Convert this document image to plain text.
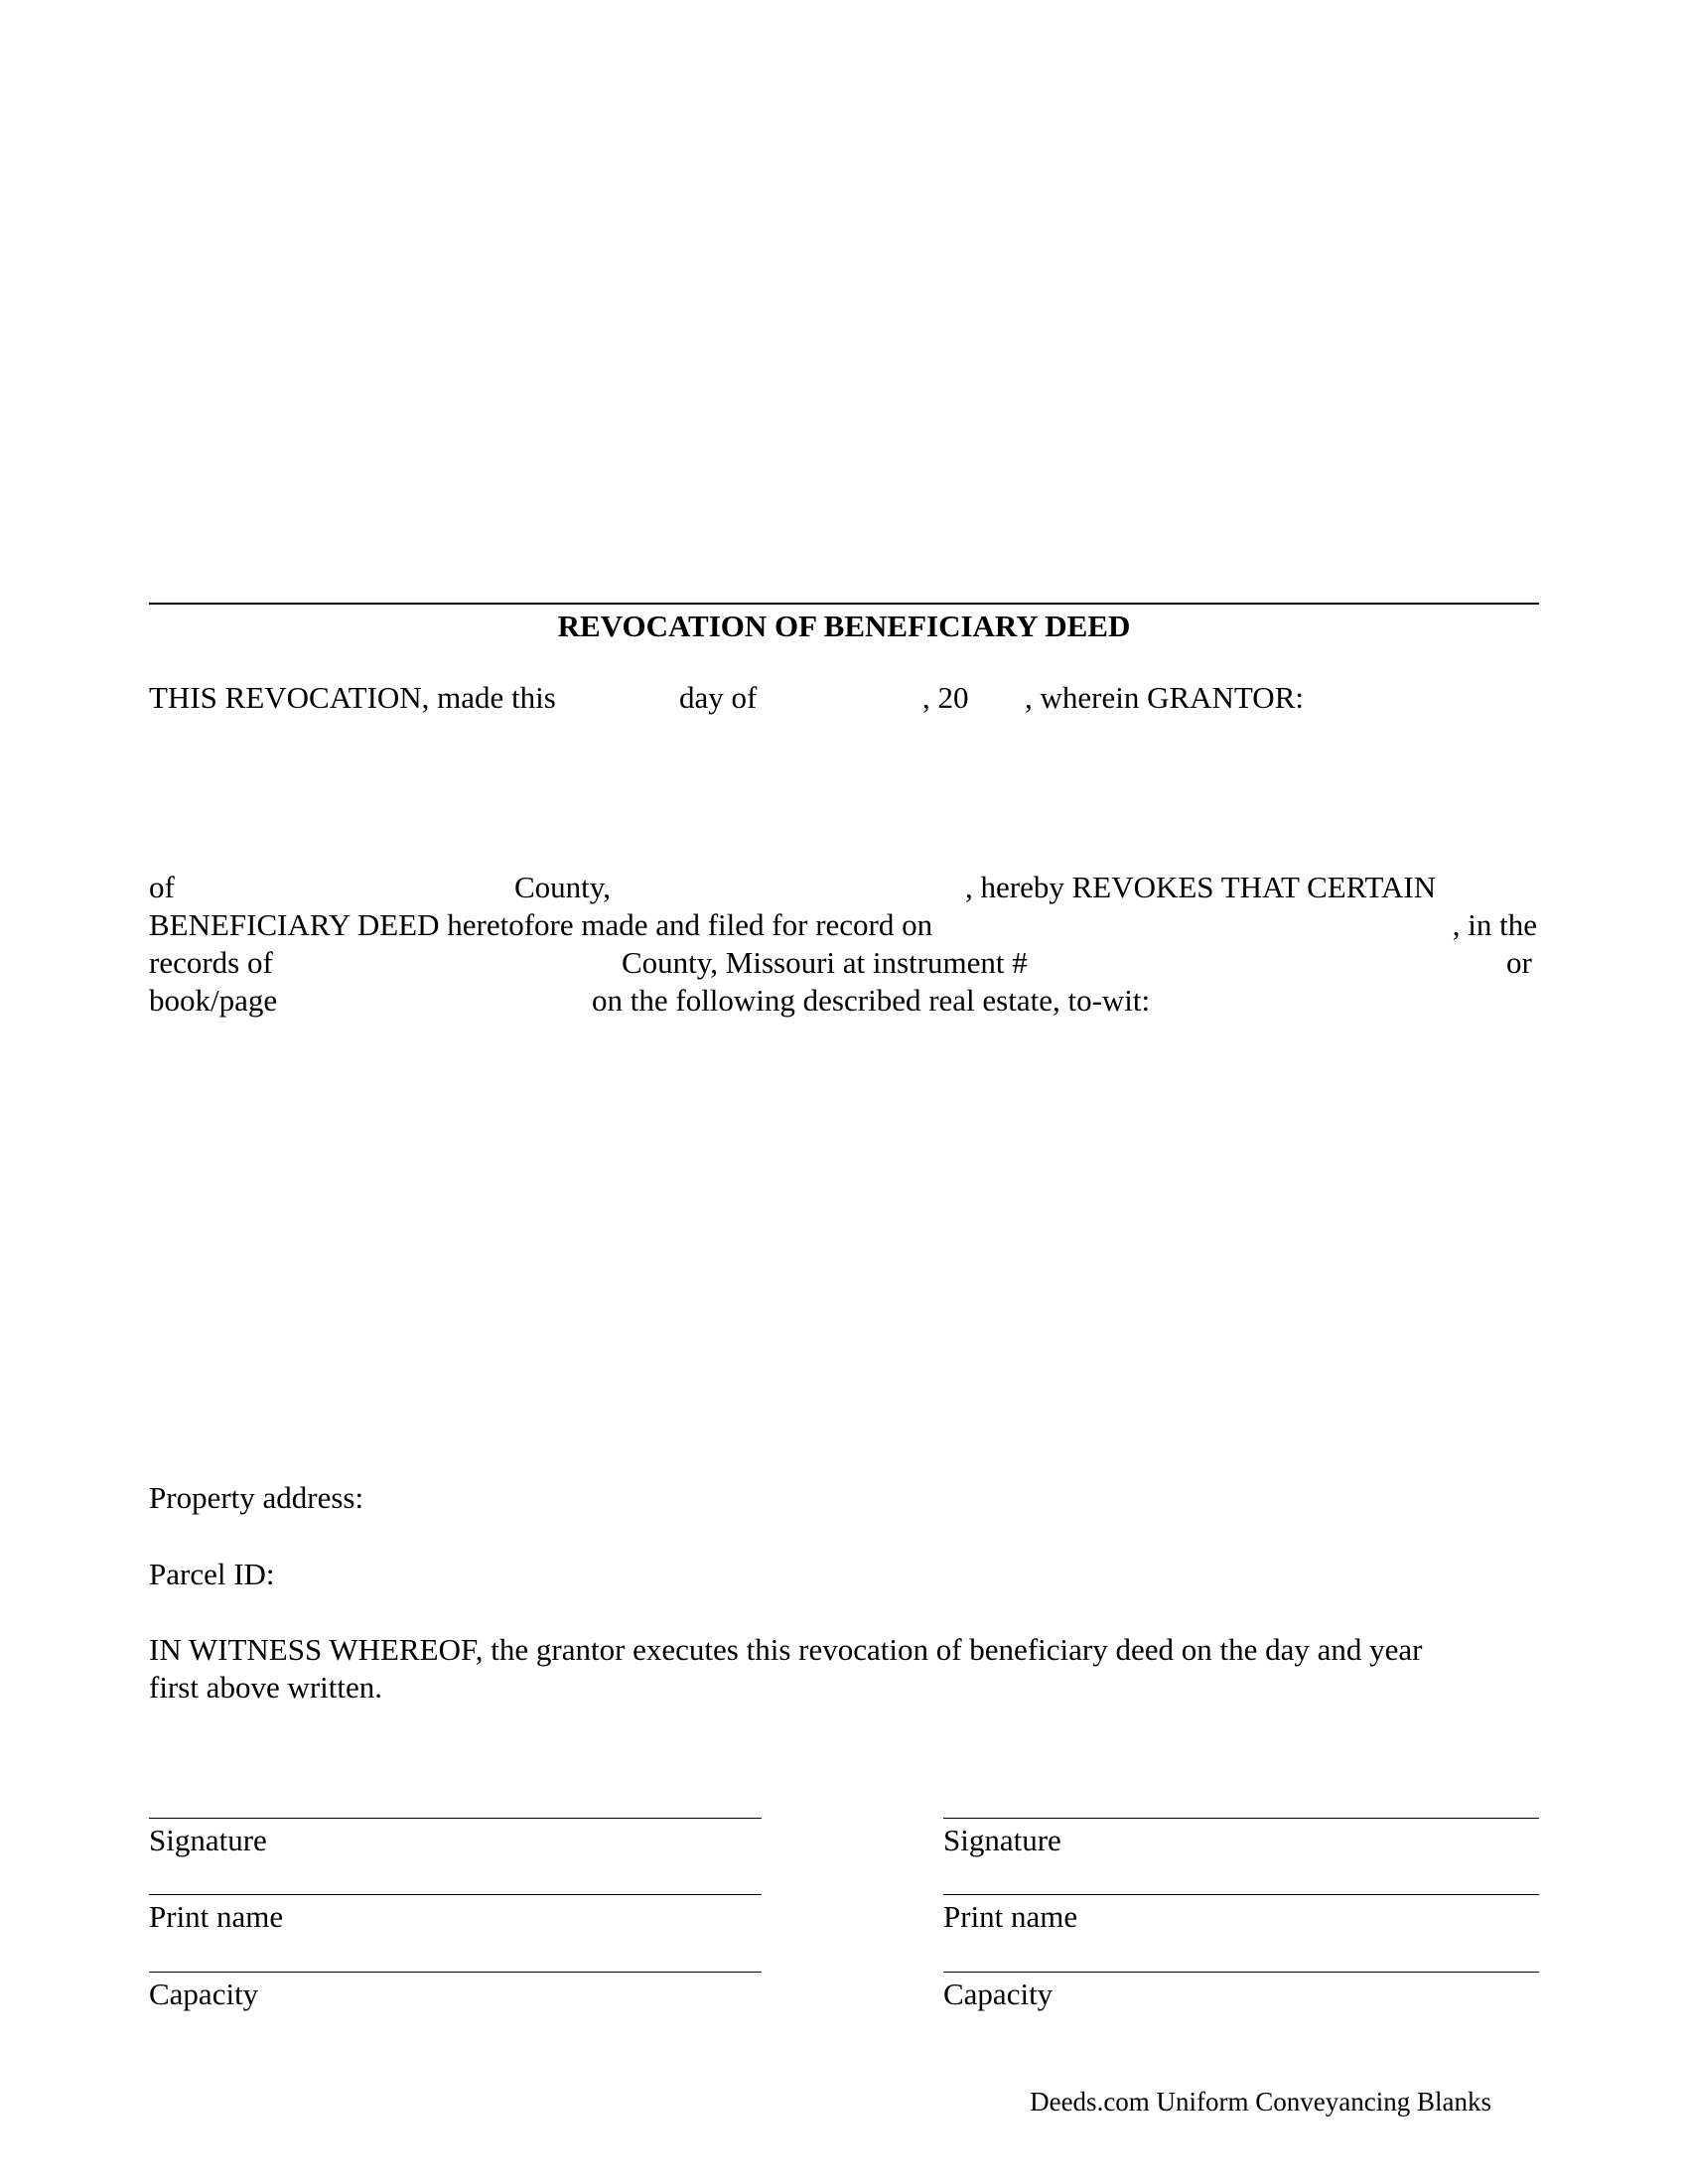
REVOCATION OF BENEFICIARY DEED
THIS REVOCATION, made this	day of	, 20 , wherein GRANTOR:
of	County,	, hereby REVOKES THAT CERTAIN
BENEFICIARY DEED heretofore made and filed for record on	, in the
records of	County, Missouri at instrument #	or
book/page	on the following described real estate, to-wit:
Property address:
Parcel ID:
IN WITNESS WHEREOF, the grantor executes this revocation of beneficiary deed on the day and year
first above written.
Signature
Print name
Capacity
Signature
Print name
Capacity
Deeds.com Uniform Conveyancing Blanks
